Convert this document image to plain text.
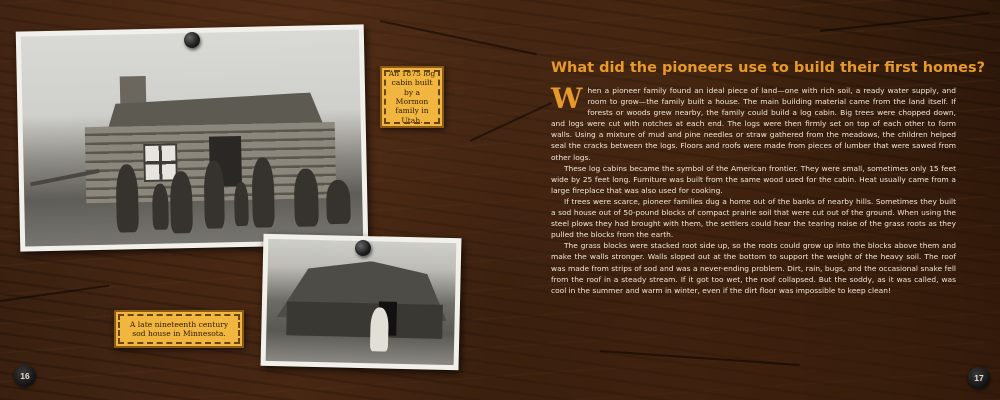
An 1875 log cabin built by a Mormon family in Utah.
A late nineteenth century sod house in Minnesota.
What did the pioneers use to build their first homes?

When a pioneer family found an ideal piece of land—one with rich soil, a ready water supply, and room to grow—the family built a house. The main building material came from the land itself. If forests or woods grew nearby, the family could build a log cabin. Big trees were chopped down, and logs were cut with notches at each end. The logs were then firmly set on top of each other to form walls. Using a mixture of mud and pine needles or straw gathered from the meadows, the children helped seal the cracks between the logs. Floors and roofs were made from pieces of lumber that were sawed from other logs.

These log cabins became the symbol of the American frontier. They were small, sometimes only 15 feet wide by 25 feet long. Furniture was built from the same wood used for the cabin. Heat usually came from a large fireplace that was also used for cooking.

If trees were scarce, pioneer families dug a home out of the banks of nearby hills. Sometimes they built a sod house out of 50-pound blocks of compact prairie soil that were cut out of the ground. When using the steel plows they had brought with them, the settlers could hear the tearing noise of the grass roots as they pulled the blocks from the earth.

The grass blocks were stacked root side up, so the roots could grow up into the blocks above them and make the walls stronger. Walls sloped out at the bottom to support the weight of the heavy soil. The roof was made from strips of sod and was a never-ending problem. Dirt, rain, bugs, and the occasional snake fell from the roof in a steady stream. If it got too wet, the roof collapsed. But the soddy, as it was called, was cool in the summer and warm in winter, even if the dirt floor was impossible to keep clean!

16	17
